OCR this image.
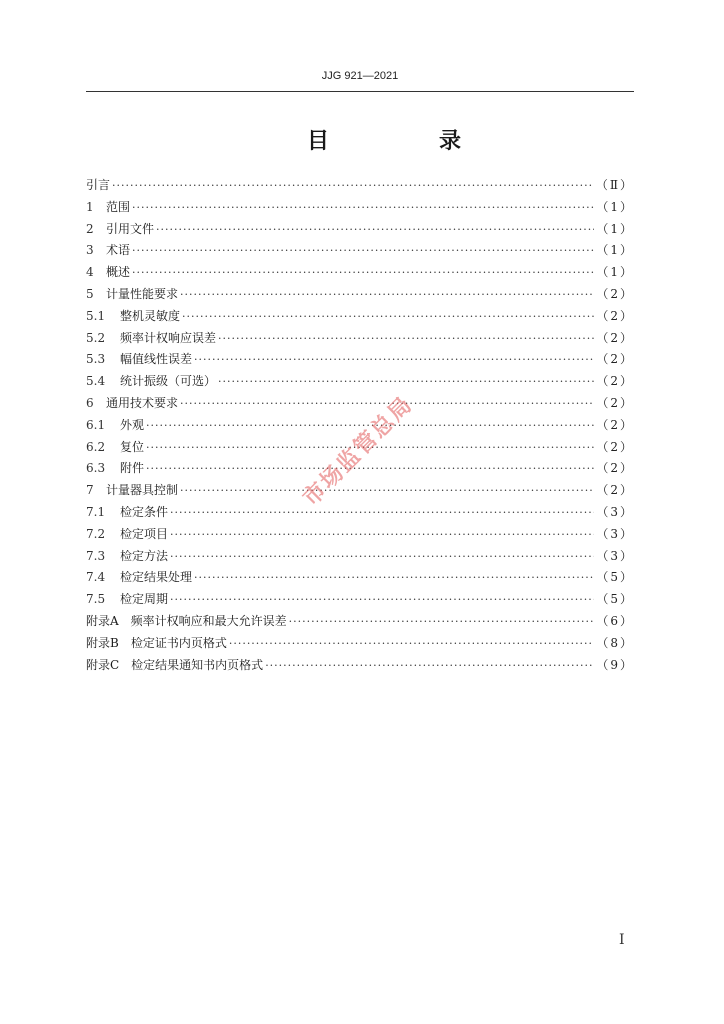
JJG 921—2021
目　录
引言 ·····	（Ⅱ）
1	范围 ·····	（1）
2	引用文件 ·····	（1）
3	术语 ·····	（1）
4	概述 ·····	（1）
5	计量性能要求 ·····	（2）
5.1	整机灵敏度 ·····	（2）
5.2	频率计权响应误差 ·····	（2）
5.3	幅值线性误差 ·····	（2）
5.4	统计振级（可选） ·····	（2）
6	通用技术要求 ·····	（2）
6.1	外观 ·····	（2）
6.2	复位 ·····	（2）
6.3	附件 ·····	（2）
7	计量器具控制 ·····	（2）
7.1	检定条件 ·····	（3）
7.2	检定项目 ·····	（3）
7.3	检定方法 ·····	（3）
7.4	检定结果处理 ·····	（5）
7.5	检定周期 ·····	（5）
附录A　频率计权响应和最大允许误差 ·····	（6）
附录B　检定证书内页格式 ·····	（8）
附录C　检定结果通知书内页格式 ·····	（9）
市场监管总局
I
